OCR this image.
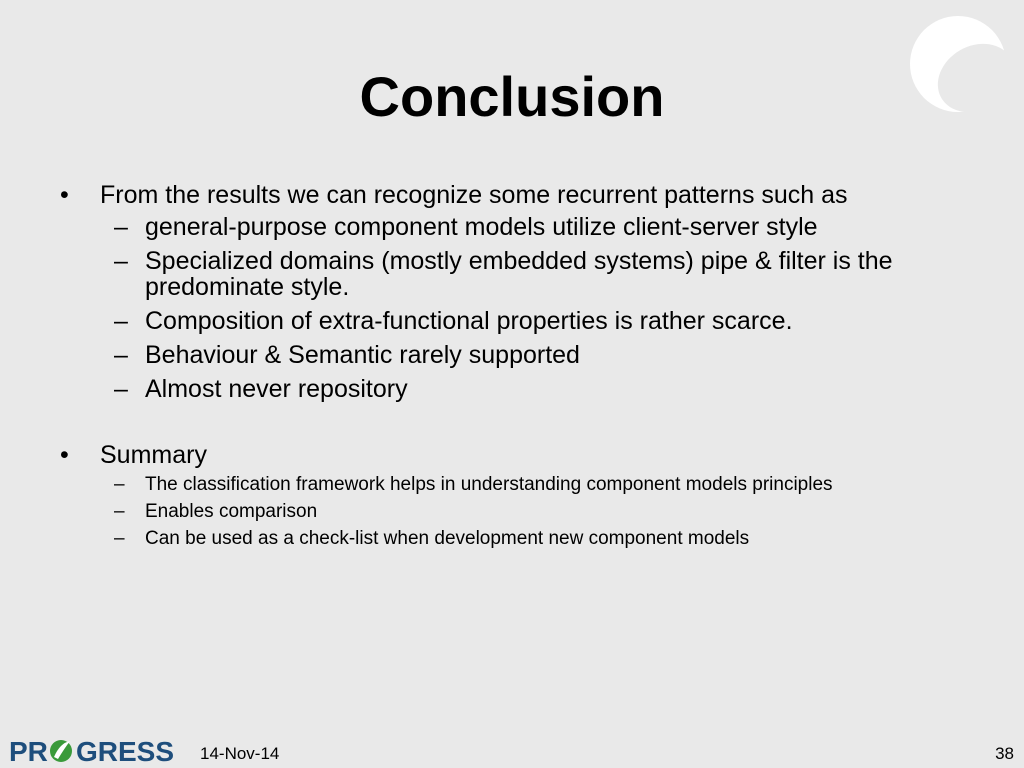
Conclusion
• From the results we can recognize some recurrent patterns such as
– general-purpose component models utilize client-server style
– Specialized domains (mostly embedded systems) pipe & filter is the predominate style.
– Composition of extra-functional properties is rather scarce.
– Behaviour & Semantic rarely supported
– Almost never repository
• Summary
– The classification framework helps in understanding component models principles
– Enables comparison
– Can be used as a check-list when development new component models
PR GRESS 14-Nov-14	38
